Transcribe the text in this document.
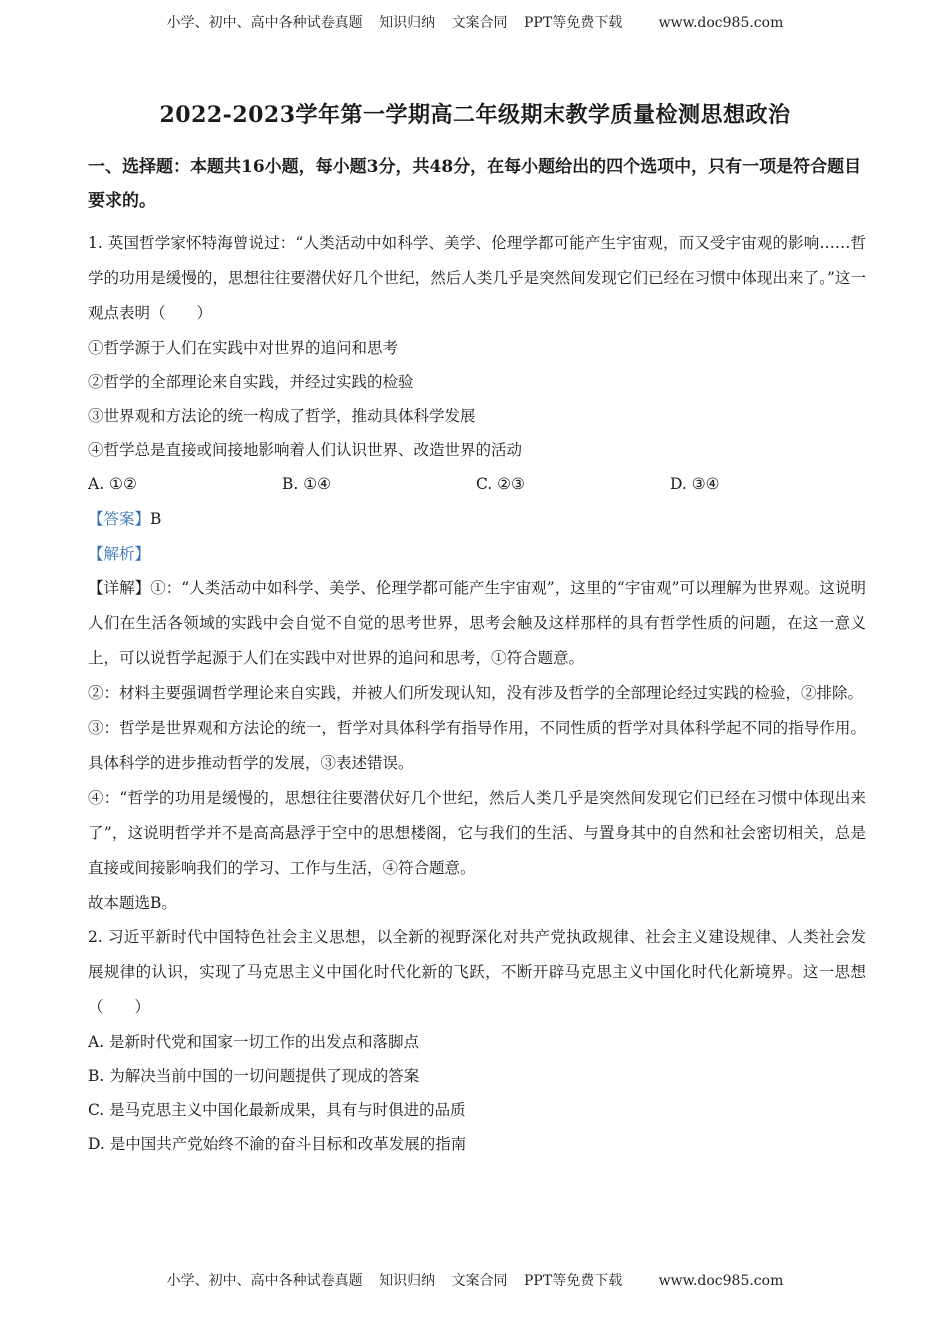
小学、初中、高中各种试卷真题 知识归纳 文案合同 PPT等免费下载	www.doc985.com
2022-2023学年第一学期高二年级期末教学质量检测思想政治

一、选择题：本题共16小题，每小题3分，共48分，在每小题给出的四个选项中，只有一项是符合题目要求的。

1. 英国哲学家怀特海曾说过：“人类活动中如科学、美学、伦理学都可能产生宇宙观，而又受宇宙观的影响……哲学的功用是缓慢的，思想往往要潜伏好几个世纪，然后人类几乎是突然间发现它们已经在习惯中体现出来了。”这一观点表明（　　）

①哲学源于人们在实践中对世界的追问和思考

②哲学的全部理论来自实践，并经过实践的检验

③世界观和方法论的统一构成了哲学，推动具体科学发展

④哲学总是直接或间接地影响着人们认识世界、改造世界的活动

A. ①②	B. ①④	C. ②③	D. ③④

【答案】B

【解析】

【详解】①：“人类活动中如科学、美学、伦理学都可能产生宇宙观”，这里的“宇宙观”可以理解为世界观。这说明人们在生活各领域的实践中会自觉不自觉的思考世界，思考会触及这样那样的具有哲学性质的问题，在这一意义上，可以说哲学起源于人们在实践中对世界的追问和思考，①符合题意。

②：材料主要强调哲学理论来自实践，并被人们所发现认知，没有涉及哲学的全部理论经过实践的检验，②排除。

③：哲学是世界观和方法论的统一，哲学对具体科学有指导作用，不同性质的哲学对具体科学起不同的指导作用。具体科学的进步推动哲学的发展，③表述错误。

④：“哲学的功用是缓慢的，思想往往要潜伏好几个世纪，然后人类几乎是突然间发现它们已经在习惯中体现出来了”，这说明哲学并不是高高悬浮于空中的思想楼阁，它与我们的生活、与置身其中的自然和社会密切相关，总是直接或间接影响我们的学习、工作与生活，④符合题意。

故本题选B。

2. 习近平新时代中国特色社会主义思想，以全新的视野深化对共产党执政规律、社会主义建设规律、人类社会发展规律的认识，实现了马克思主义中国化时代化新的飞跃，不断开辟马克思主义中国化时代化新境界。这一思想（　　）

A. 是新时代党和国家一切工作的出发点和落脚点

B. 为解决当前中国的一切问题提供了现成的答案

C. 是马克思主义中国化最新成果，具有与时俱进的品质

D. 是中国共产党始终不渝的奋斗目标和改革发展的指南

小学、初中、高中各种试卷真题 知识归纳 文案合同 PPT等免费下载	www.doc985.com
